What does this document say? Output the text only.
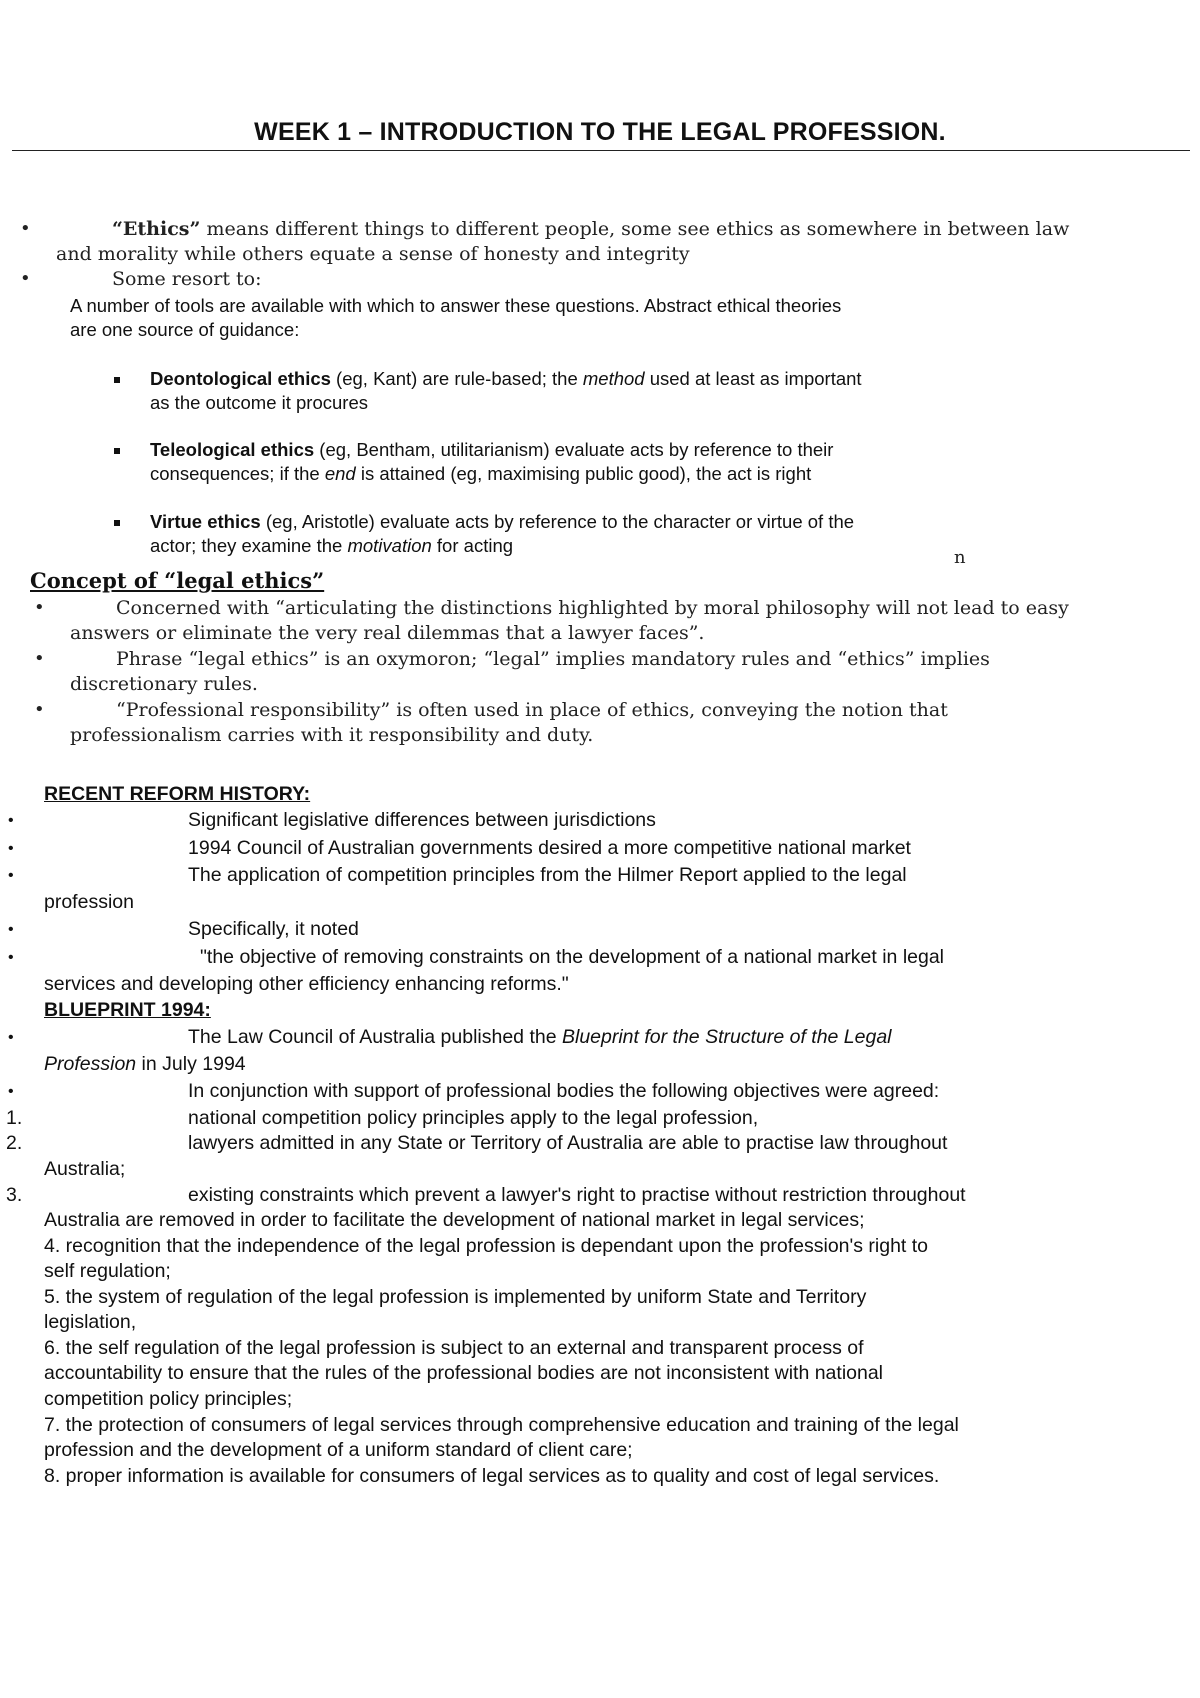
WEEK 1 – INTRODUCTION TO THE LEGAL PROFESSION.
•	“Ethics” means different things to different people, some see ethics as somewhere in between law
and morality while others equate a sense of honesty and integrity
•	Some resort to:
A number of tools are available with which to answer these questions. Abstract ethical theories
are one source of guidance:
Deontological ethics (eg, Kant) are rule-based; the method used at least as important
as the outcome it procures
Teleological ethics (eg, Bentham, utilitarianism) evaluate acts by reference to their
consequences; if the end is attained (eg, maximising public good), the act is right
Virtue ethics (eg, Aristotle) evaluate acts by reference to the character or virtue of the
actor; they examine the motivation for acting
n
Concept of “legal ethics”
•	Concerned with “articulating the distinctions highlighted by moral philosophy will not lead to easy
answers or eliminate the very real dilemmas that a lawyer faces”.
•	Phrase “legal ethics” is an oxymoron; “legal” implies mandatory rules and “ethics” implies
discretionary rules.
•	“Professional responsibility” is often used in place of ethics, conveying the notion that
professionalism carries with it responsibility and duty.
RECENT REFORM HISTORY:
•	Significant legislative differences between jurisdictions
•	1994 Council of Australian governments desired a more competitive national market
•	The application of competition principles from the Hilmer Report applied to the legal
profession
•	Specifically, it noted
•	"the objective of removing constraints on the development of a national market in legal
services and developing other efficiency enhancing reforms."
BLUEPRINT 1994:
•	The Law Council of Australia published the Blueprint for the Structure of the Legal
Profession in July 1994
•	In conjunction with support of professional bodies the following objectives were agreed:
1.	national competition policy principles apply to the legal profession,
2.	lawyers admitted in any State or Territory of Australia are able to practise law throughout
Australia;
3.	existing constraints which prevent a lawyer's right to practise without restriction throughout
Australia are removed in order to facilitate the development of national market in legal services;
4. recognition that the independence of the legal profession is dependant upon the profession's right to
self regulation;
5. the system of regulation of the legal profession is implemented by uniform State and Territory
legislation,
6. the self regulation of the legal profession is subject to an external and transparent process of
accountability to ensure that the rules of the professional bodies are not inconsistent with national
competition policy principles;
7. the protection of consumers of legal services through comprehensive education and training of the legal
profession and the development of a uniform standard of client care;
8. proper information is available for consumers of legal services as to quality and cost of legal services.
